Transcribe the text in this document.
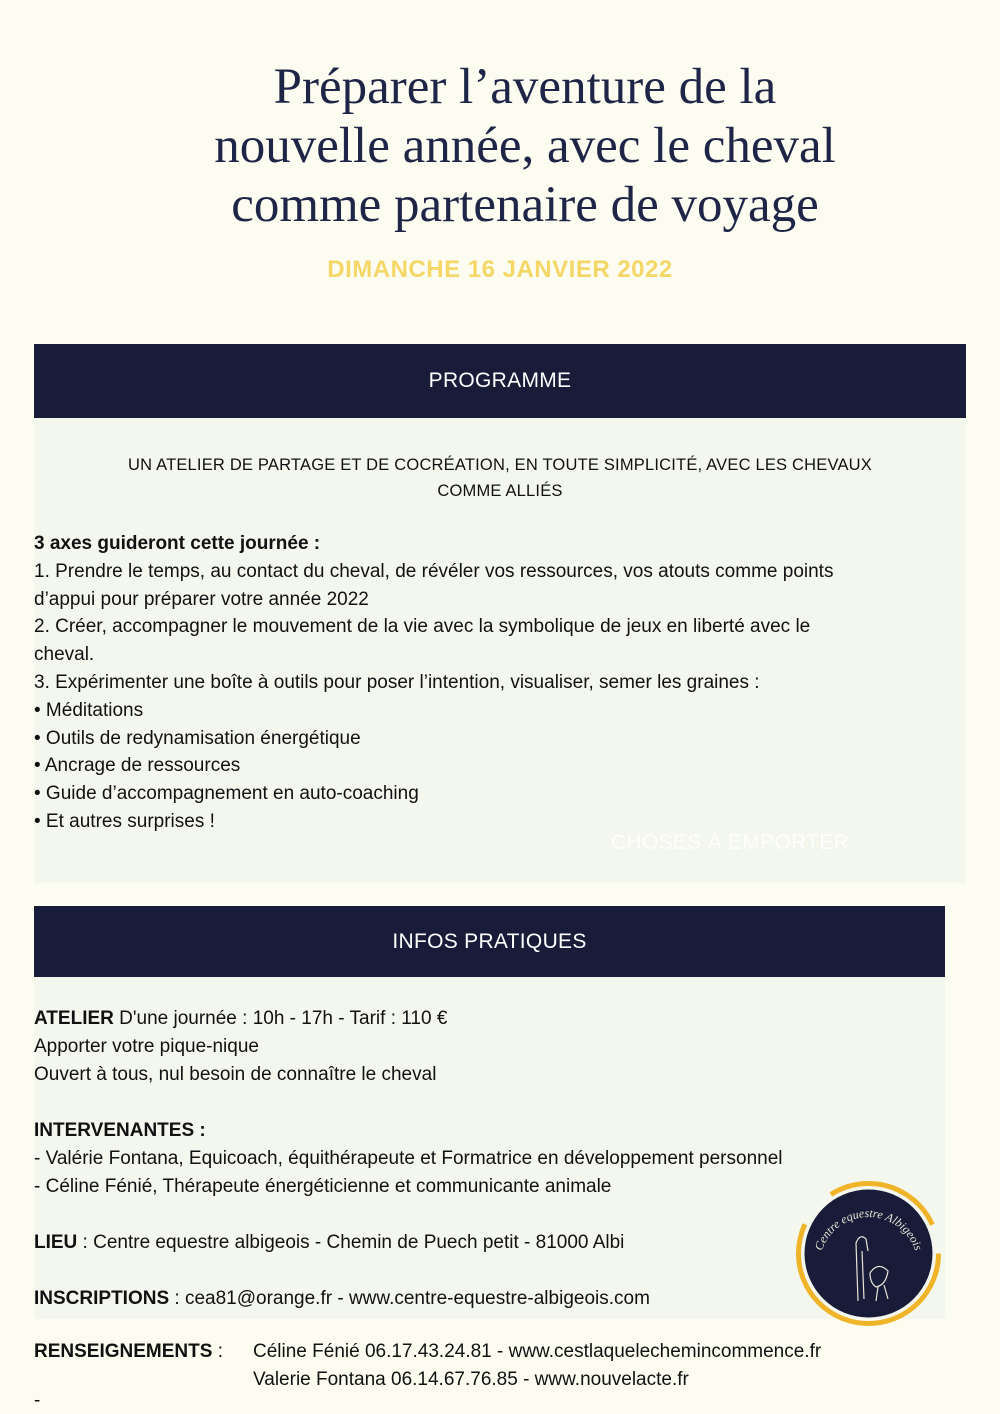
Préparer l’aventure de la
nouvelle année, avec le cheval
comme partenaire de voyage
DIMANCHE 16 JANVIER 2022
PROGRAMME
UN ATELIER DE PARTAGE ET DE COCRÉATION, EN TOUTE SIMPLICITÉ, AVEC LES CHEVAUX
COMME ALLIÉS
3 axes guideront cette journée :
1. Prendre le temps, au contact du cheval, de révéler vos ressources, vos atouts comme points
d’appui pour préparer votre année 2022
2. Créer, accompagner le mouvement de la vie avec la symbolique de jeux en liberté avec le
cheval.
3. Expérimenter une boîte à outils pour poser l’intention, visualiser, semer les graines :
• Méditations
• Outils de redynamisation énergétique
• Ancrage de ressources
• Guide d’accompagnement en auto-coaching
• Et autres surprises !
CHOSES À EMPORTER
INFOS PRATIQUES
ATELIER D'une journée : 10h - 17h - Tarif : 110 €
Apporter votre pique-nique
Ouvert à tous, nul besoin de connaître le cheval
INTERVENANTES :
- Valérie Fontana, Equicoach, équithérapeute et Formatrice en développement personnel
- Céline Fénié, Thérapeute énergéticienne et communicante animale
LIEU : Centre equestre albigeois - Chemin de Puech petit - 81000 Albi
INSCRIPTIONS : cea81@orange.fr - www.centre-equestre-albigeois.com
RENSEIGNEMENTS : Céline Fénié 06.17.43.24.81 - www.cestlaquelechemincommence.fr
Valerie Fontana 06.14.67.76.85 - www.nouvelacte.fr
-
Centre equestre Albigeois
